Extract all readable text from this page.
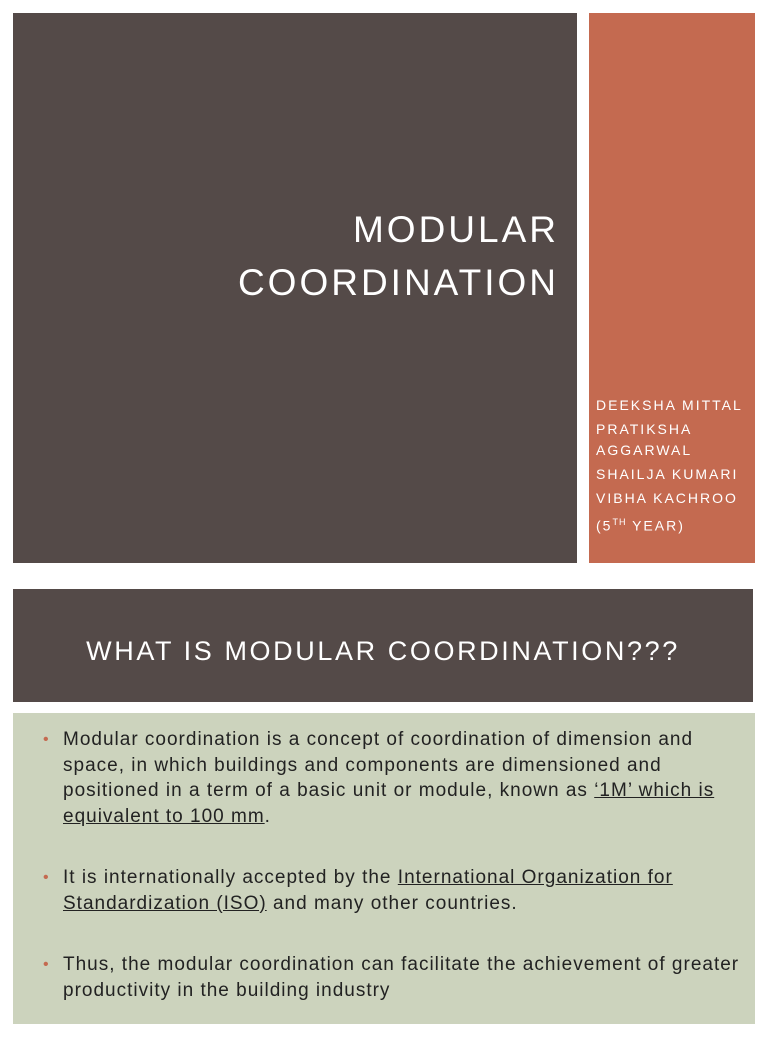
MODULAR
COORDINATION
DEEKSHA MITTAL
PRATIKSHA AGGARWAL
SHAILJA KUMARI
VIBHA KACHROO
(5TH YEAR)
WHAT IS MODULAR COORDINATION???
• Modular coordination is a concept of coordination of dimension and space, in which buildings and components are dimensioned and positioned in a term of a basic unit or module, known as ‘1M’ which is equivalent to 100 mm.
• It is internationally accepted by the International Organization for Standardization (ISO) and many other countries.
• Thus, the modular coordination can facilitate the achievement of greater productivity in the building industry
